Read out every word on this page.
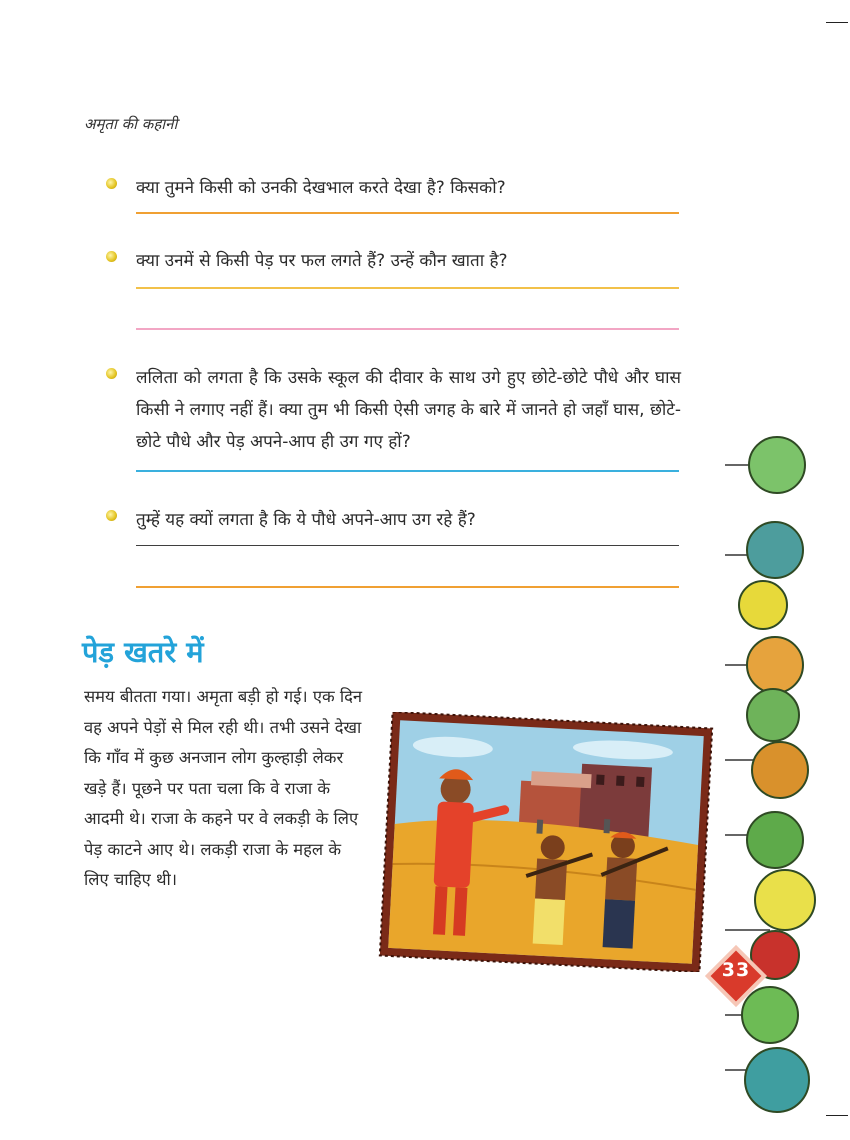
अमृता की कहानी
क्या तुमने किसी को उनकी देखभाल करते देखा है? किसको?
क्या उनमें से किसी पेड़ पर फल लगते हैं? उन्हें कौन खाता है?
ललिता को लगता है कि उसके स्कूल की दीवार के साथ उगे हुए छोटे-छोटे पौधे और घास किसी ने लगाए नहीं हैं। क्या तुम भी किसी ऐसी जगह के बारे में जानते हो जहाँ घास, छोटे-छोटे पौधे और पेड़ अपने-आप ही उग गए हों?
तुम्हें यह क्यों लगता है कि ये पौधे अपने-आप उग रहे हैं?
पेड़ खतरे में
समय बीतता गया। अमृता बड़ी हो गई। एक दिन वह अपने पेड़ों से मिल रही थी। तभी उसने देखा कि गाँव में कुछ अनजान लोग कुल्हाड़ी लेकर खड़े हैं। पूछने पर पता चला कि वे राजा के आदमी थे। राजा के कहने पर वे लकड़ी के लिए पेड़ काटने आए थे। लकड़ी राजा के महल के लिए चाहिए थी।
33
